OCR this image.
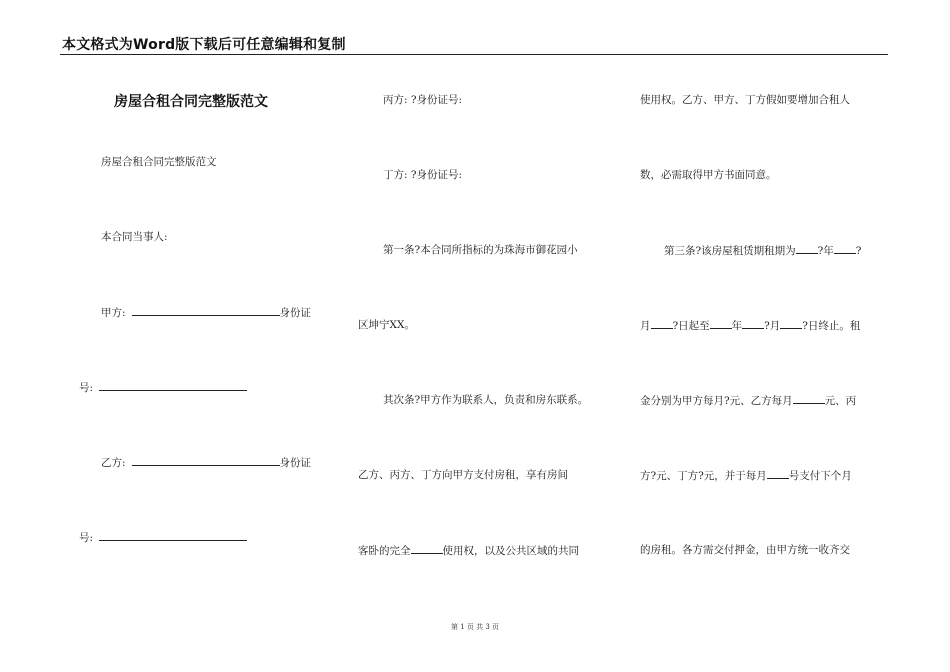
本文格式为Word版下载后可任意编辑和复制
房屋合租合同完整版范文
房屋合租合同完整版范文
本合同当事人:
甲方:	身份证
号:
乙方:	身份证
号:
丙方: ?身份证号:
丁方: ?身份证号:
第一条?本合同所指标的为珠海市御花园小
区坤宁XX。
其次条?甲方作为联系人，负责和房东联系。
乙方、丙方、丁方向甲方支付房租，享有房间
客卧的完全	使用权，以及公共区域的共同
使用权。乙方、甲方、丁方假如要增加合租人
数，必需取得甲方书面同意。
第三条?该房屋租赁期租期为 ?年 ?
月 ?日起至 年 ?月 ?日终止。租
金分别为甲方每月?元、乙方每月	元、丙
方?元、丁方?元，并于每月 号支付下个月
的房租。各方需交付押金，由甲方统一收齐交
第 1 页 共 3 页
